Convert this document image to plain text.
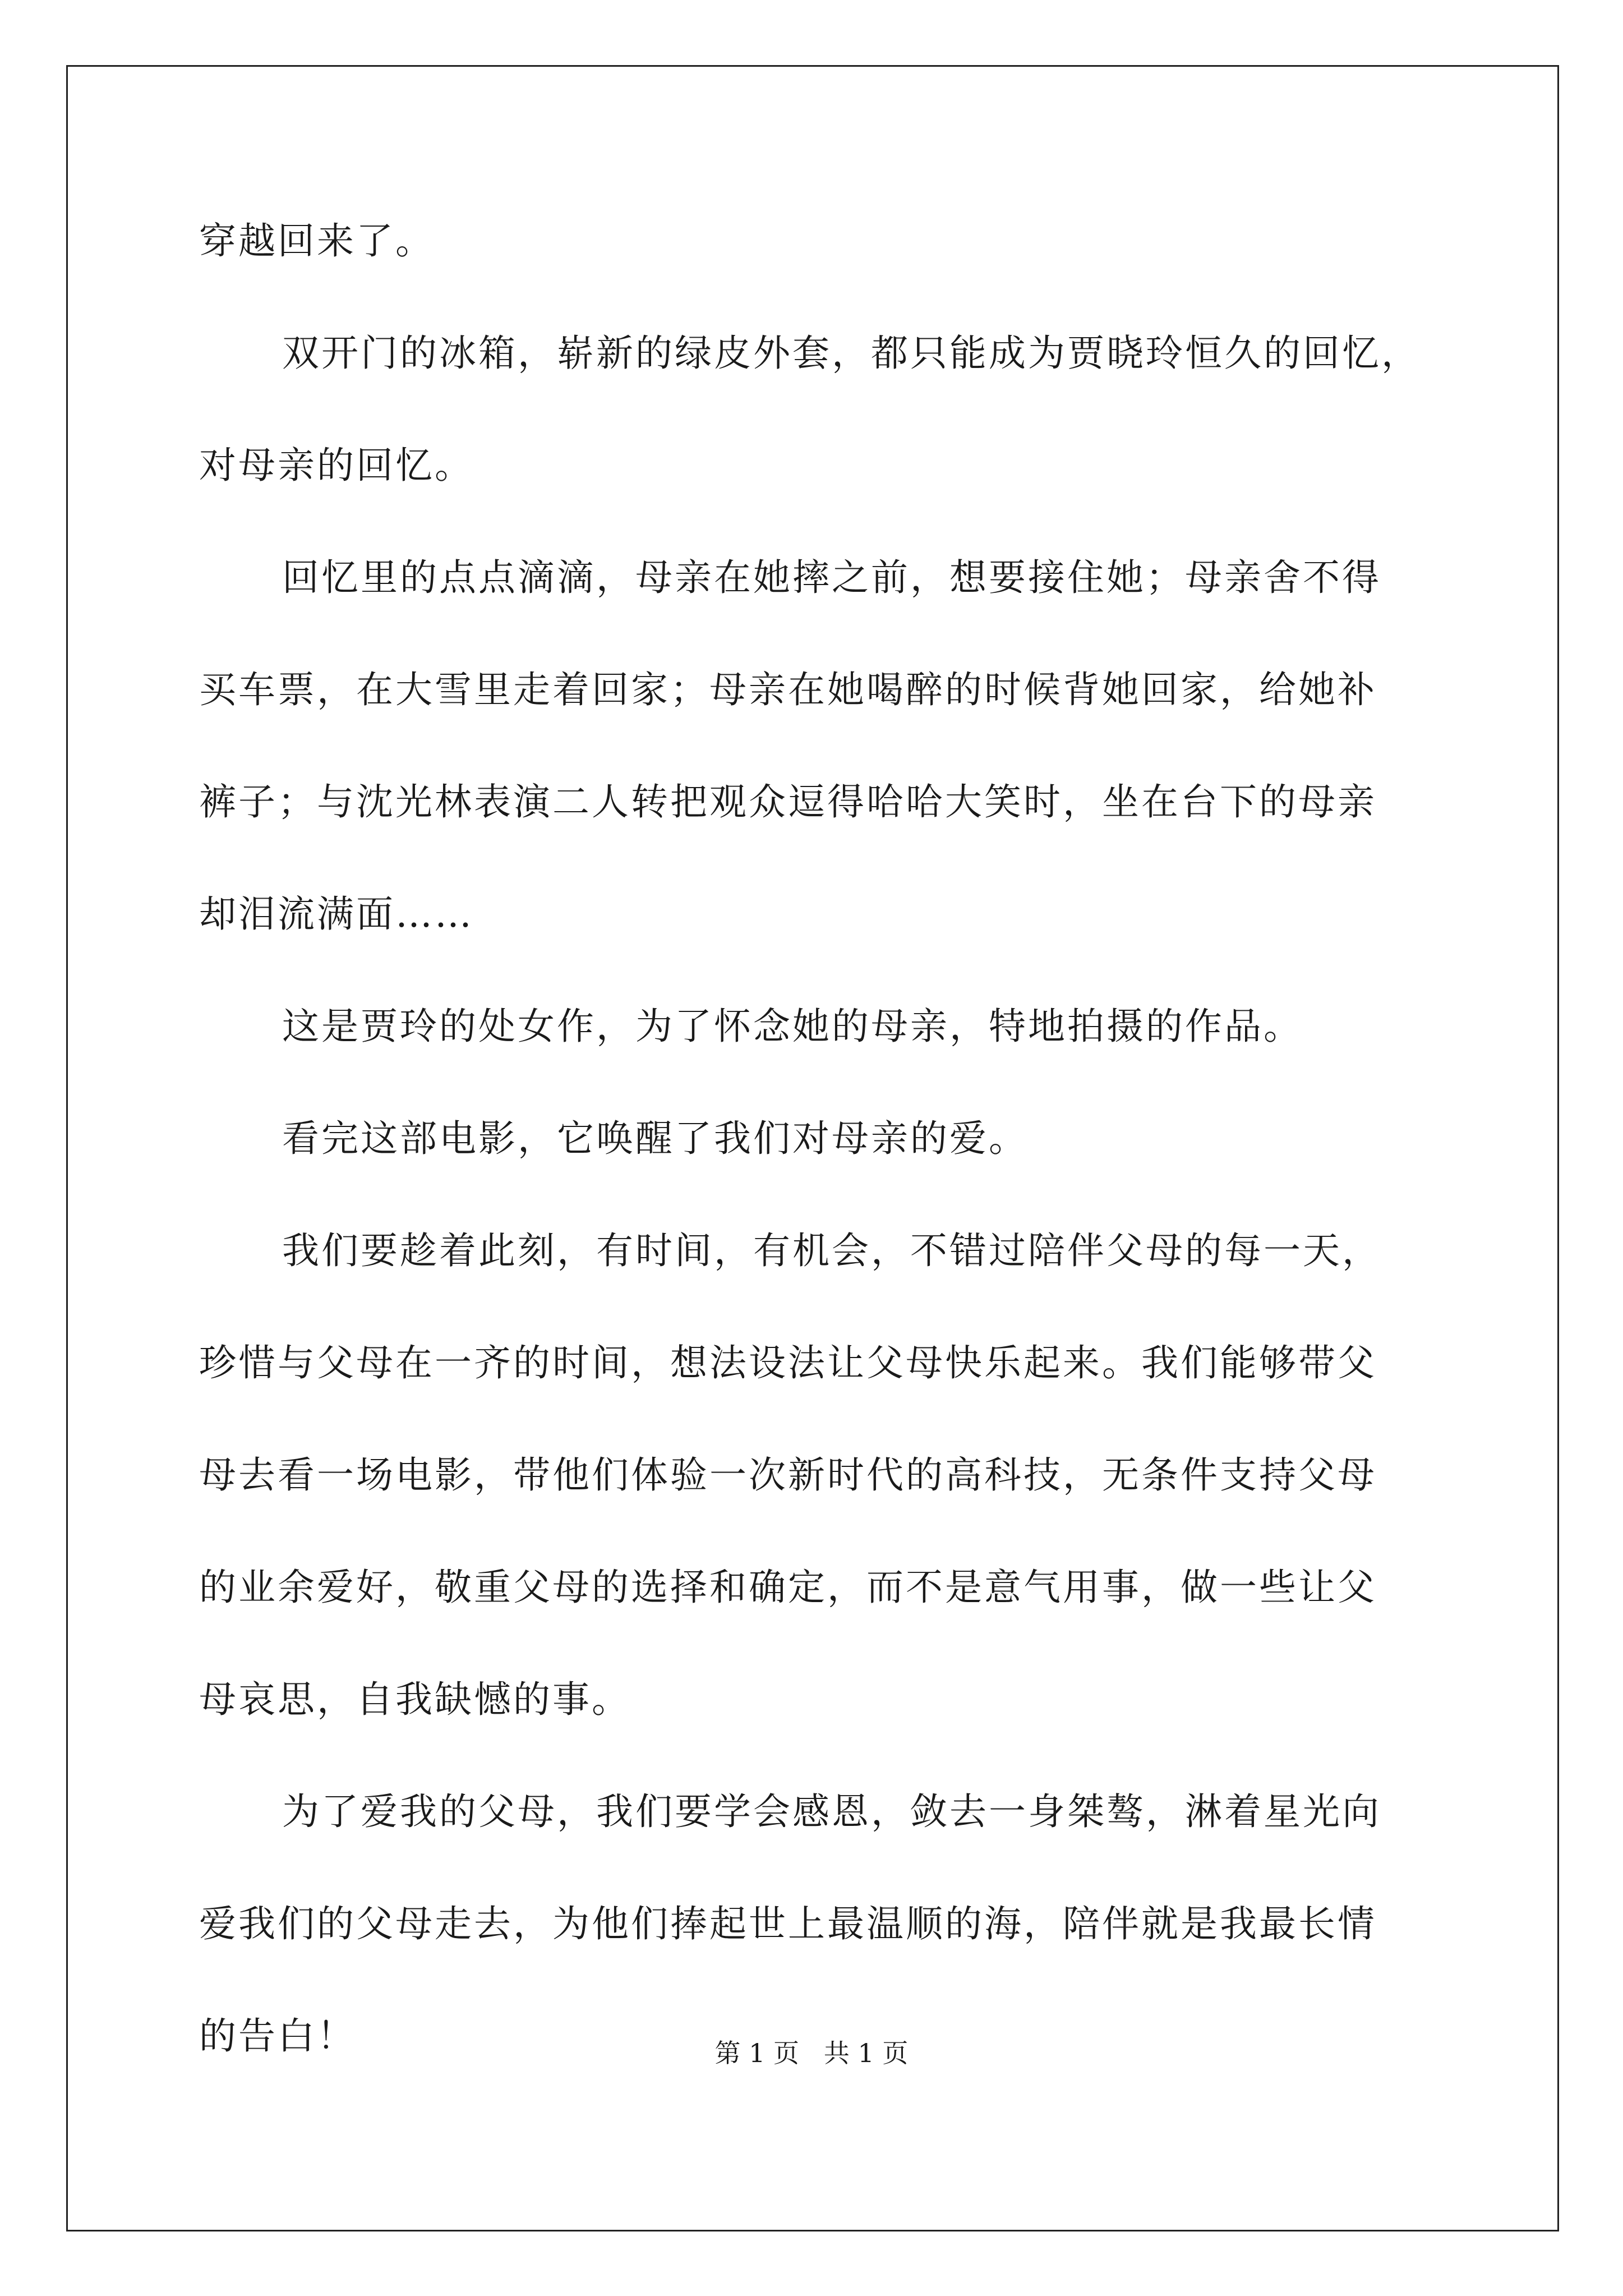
穿越回来了。
双开门的冰箱，崭新的绿皮外套，都只能成为贾晓玲恒久的回忆，
对母亲的回忆。
回忆里的点点滴滴，母亲在她摔之前，想要接住她；母亲舍不得
买车票，在大雪里走着回家；母亲在她喝醉的时候背她回家，给她补
裤子；与沈光林表演二人转把观众逗得哈哈大笑时，坐在台下的母亲
却泪流满面……
这是贾玲的处女作，为了怀念她的母亲，特地拍摄的作品。
看完这部电影，它唤醒了我们对母亲的爱。
我们要趁着此刻，有时间，有机会，不错过陪伴父母的每一天，
珍惜与父母在一齐的时间，想法设法让父母快乐起来。我们能够带父
母去看一场电影，带他们体验一次新时代的高科技，无条件支持父母
的业余爱好，敬重父母的选择和确定，而不是意气用事，做一些让父
母哀思，自我缺憾的事。
为了爱我的父母，我们要学会感恩，敛去一身桀骜，淋着星光向
爱我们的父母走去，为他们捧起世上最温顺的海，陪伴就是我最长情
的告白！	第 1 页   共 1 页
